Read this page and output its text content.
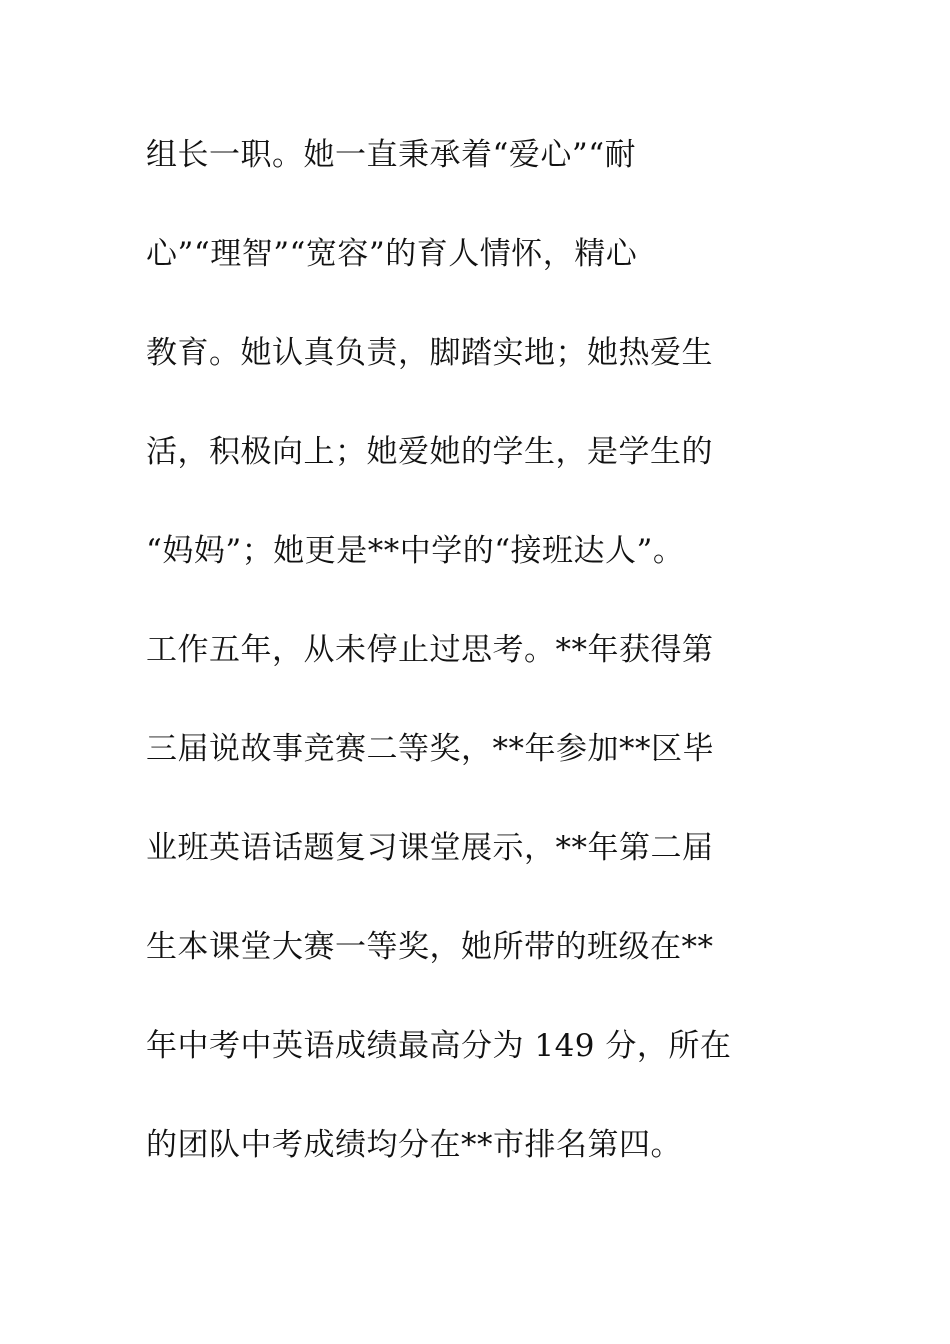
组长一职。她一直秉承着“爱心”“耐
心”“理智”“宽容”的育人情怀，精心
教育。她认真负责，脚踏实地；她热爱生
活，积极向上；她爱她的学生，是学生的
“妈妈”；她更是**中学的“接班达人”。
工作五年，从未停止过思考。**年获得第
三届说故事竞赛二等奖，**年参加**区毕
业班英语话题复习课堂展示，**年第二届
生本课堂大赛一等奖，她所带的班级在**
年中考中英语成绩最高分为 149 分，所在
的团队中考成绩均分在**市排名第四。
